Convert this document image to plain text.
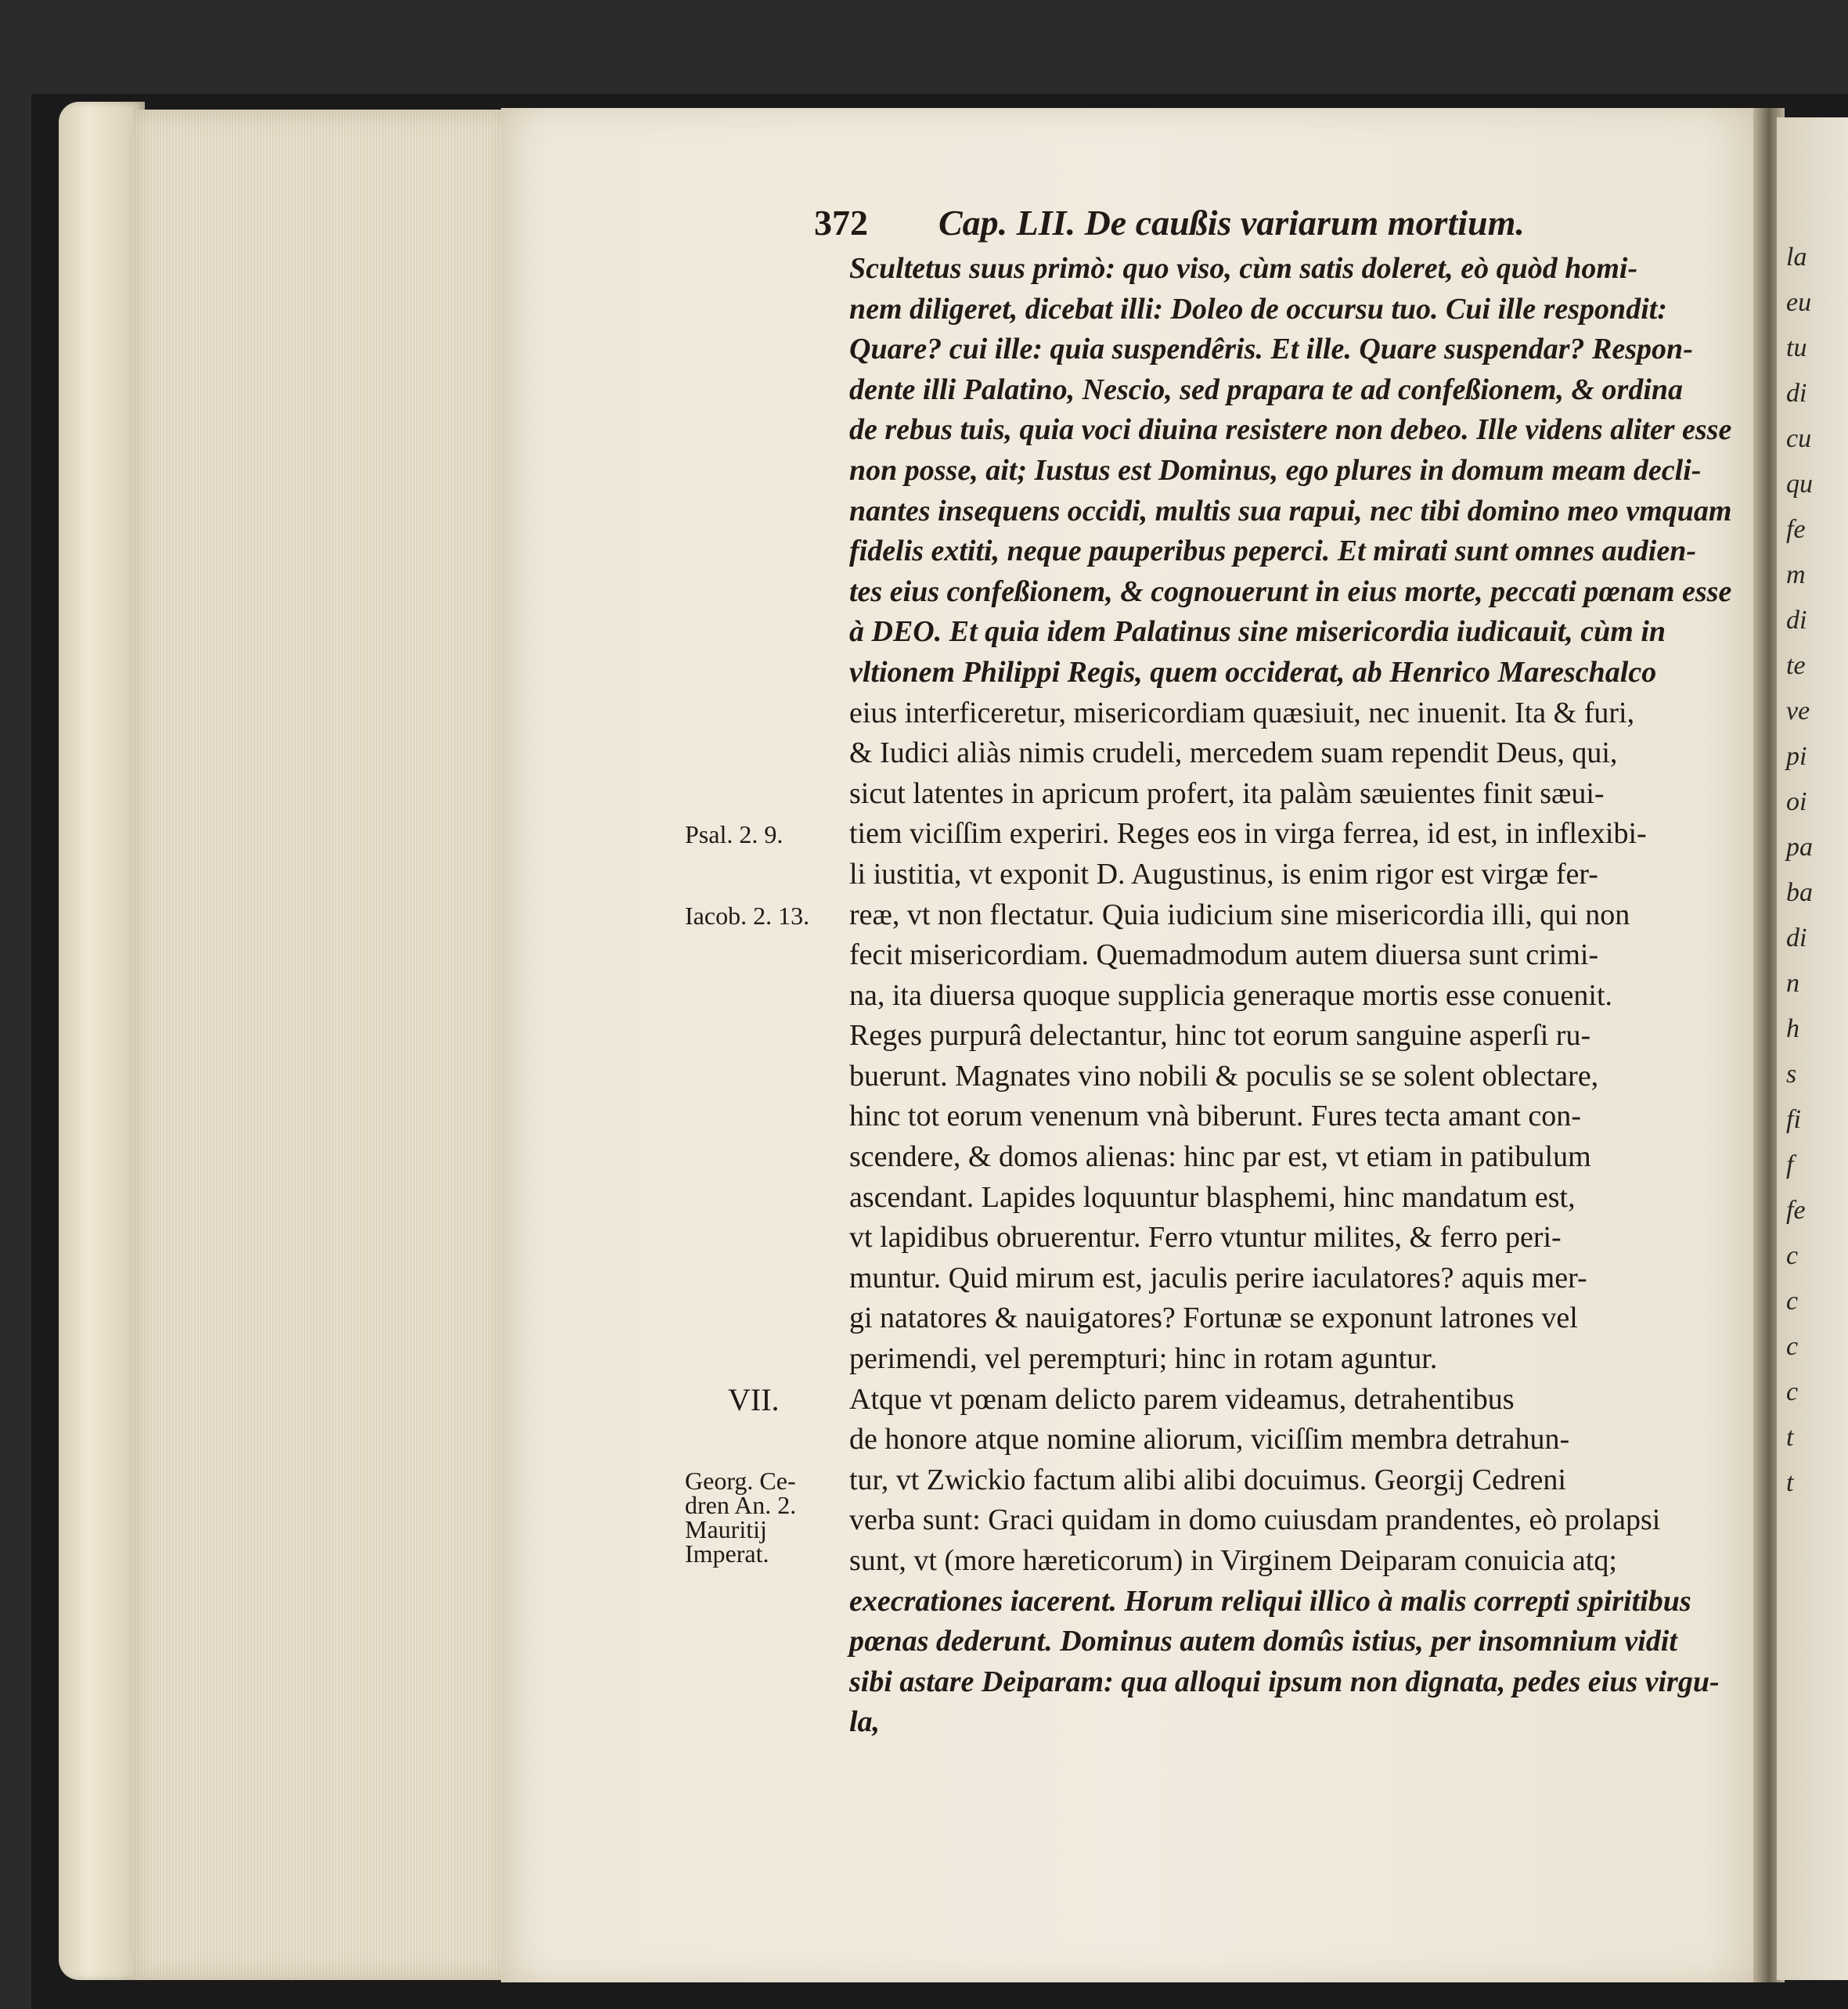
la
eu
tu
di
cu
qu
fe
m
di
te
ve
pi
oi
pa
ba
di
n
h
s
fi
f
fe
c
c
c
c
t
t
372 Cap. LII. De caußis variarum mortium.
Scultetus suus primò: quo viso, cùm satis doleret, eò quòd homi-
nem diligeret, dicebat illi: Doleo de occursu tuo. Cui ille respondit:
Quare? cui ille: quia suspendêris. Et ille. Quare suspendar? Respon-
dente illi Palatino, Nescio, sed prapara te ad confeßionem, & ordina
de rebus tuis, quia voci diuina resistere non debeo. Ille videns aliter esse
non posse, ait; Iustus est Dominus, ego plures in domum meam decli-
nantes insequens occidi, multis sua rapui, nec tibi domino meo vmquam
fidelis extiti, neque pauperibus peperci. Et mirati sunt omnes audien-
tes eius confeßionem, & cognouerunt in eius morte, peccati pœnam esse
à DEO. Et quia idem Palatinus sine misericordia iudicauit, cùm in
vltionem Philippi Regis, quem occiderat, ab Henrico Mareschalco
eius interficeretur, misericordiam quæsiuit, nec inuenit. Ita & furi,
& Iudici aliàs nimis crudeli, mercedem suam rependit Deus, qui,
sicut latentes in apricum profert, ita palàm sæuientes finit sæui-
tiem viciſſim experiri. Reges eos in virga ferrea, id est, in inflexibi-
li iustitia, vt exponit D. Augustinus, is enim rigor est virgæ fer-
reæ, vt non flectatur. Quia iudicium sine misericordia illi, qui non
fecit misericordiam. Quemadmodum autem diuersa sunt crimi-
na, ita diuersa quoque supplicia generaque mortis esse conuenit.
Reges purpurâ delectantur, hinc tot eorum sanguine asperſi ru-
buerunt. Magnates vino nobili & poculis se se solent oblectare,
hinc tot eorum venenum vnà biberunt. Fures tecta amant con-
scendere, & domos alienas: hinc par est, vt etiam in patibulum
ascendant. Lapides loquuntur blasphemi, hinc mandatum est,
vt lapidibus obruerentur. Ferro vtuntur milites, & ferro peri-
muntur. Quid mirum est, jaculis perire iaculatores? aquis mer-
gi natatores & nauigatores? Fortunæ se exponunt latrones vel
perimendi, vel perempturi; hinc in rotam aguntur.
Atque vt pœnam delicto parem videamus, detrahentibus
de honore atque nomine aliorum, viciſſim membra detrahun-
tur, vt Zwickio factum alibi alibi docuimus. Georgij Cedreni
verba sunt: Graci quidam in domo cuiusdam prandentes, eò prolapsi
sunt, vt (more hæreticorum) in Virginem Deiparam conuicia atq;
execrationes iacerent. Horum reliqui illico à malis correpti spiritibus
pœnas dederunt. Dominus autem domûs istius, per insomnium vidit
sibi astare Deiparam: qua alloqui ipsum non dignata, pedes eius virgu-
la,
Psal. 2. 9.
Iacob. 2. 13.
VII.
Georg. Ce-
dren An. 2.
Mauritij
Imperat.
